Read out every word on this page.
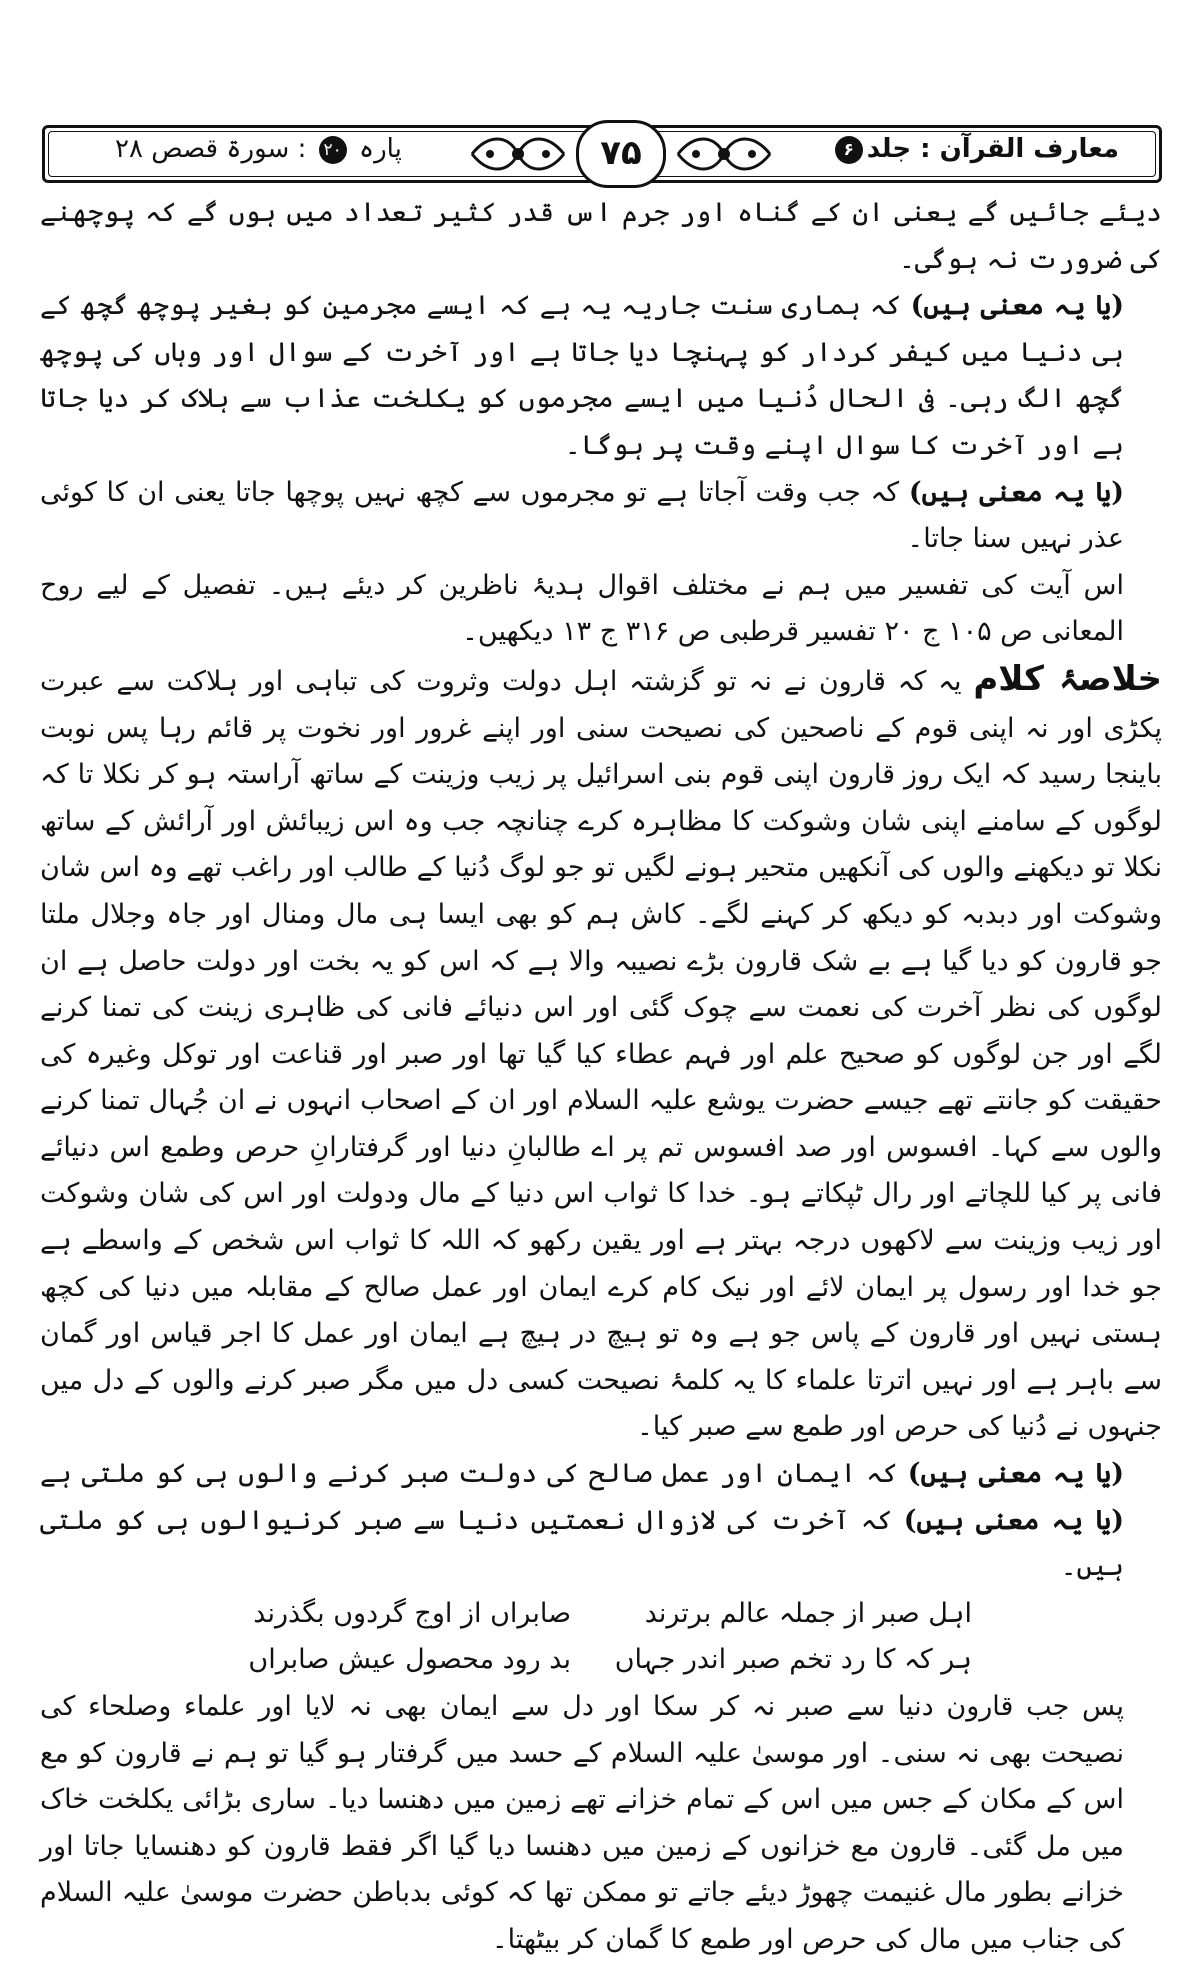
معارف القرآن : جلد۶
پارہ ۲۰ : سورۃ قصص ۲۸	۷۵

دیئے جائیں گے یعنی ان کے گناہ اور جرم اس قدر کثیر تعداد میں ہوں گے کہ پوچھنے کی ضرورت نہ ہوگی۔

(یا یہ معنی ہیں) کہ ہماری سنت جاریہ یہ ہے کہ ایسے مجرمین کو بغیر پوچھ گچھ کے ہی دنیا میں کیفر کردار کو پہنچا دیا جاتا ہے اور آخرت کے سوال اور وہاں کی پوچھ گچھ الگ رہی۔ فی الحال دُنیا میں ایسے مجرموں کو یکلخت عذاب سے ہلاک کر دیا جاتا ہے اور آخرت کا سوال اپنے وقت پر ہوگا۔

(یا یہ معنی ہیں) کہ جب وقت آجاتا ہے تو مجرموں سے کچھ نہیں پوچھا جاتا یعنی ان کا کوئی عذر نہیں سنا جاتا۔

اس آیت کی تفسیر میں ہم نے مختلف اقوال ہدیۂ ناظرین کر دیئے ہیں۔ تفصیل کے لیے روح المعانی ص ۱۰۵ ج ۲۰ تفسیر قرطبی ص ۳۱۶ ج ۱۳ دیکھیں۔

خلاصۂ کلام یہ کہ قارون نے نہ تو گزشتہ اہل دولت وثروت کی تباہی اور ہلاکت سے عبرت پکڑی اور نہ اپنی قوم کے ناصحین کی نصیحت سنی اور اپنے غرور اور نخوت پر قائم رہا پس نوبت باینجا رسید کہ ایک روز قارون اپنی قوم بنی اسرائیل پر زیب وزینت کے ساتھ آراستہ ہو کر نکلا تا کہ لوگوں کے سامنے اپنی شان وشوکت کا مظاہرہ کرے چنانچہ جب وہ اس زیبائش اور آرائش کے ساتھ نکلا تو دیکھنے والوں کی آنکھیں متحیر ہونے لگیں تو جو لوگ دُنیا کے طالب اور راغب تھے وہ اس شان وشوکت اور دبدبہ کو دیکھ کر کہنے لگے۔ کاش ہم کو بھی ایسا ہی مال ومنال اور جاہ وجلال ملتا جو قارون کو دیا گیا ہے بے شک قارون بڑے نصیبہ والا ہے کہ اس کو یہ بخت اور دولت حاصل ہے ان لوگوں کی نظر آخرت کی نعمت سے چوک گئی اور اس دنیائے فانی کی ظاہری زینت کی تمنا کرنے لگے اور جن لوگوں کو صحیح علم اور فہم عطاء کیا گیا تھا اور صبر اور قناعت اور توکل وغیرہ کی حقیقت کو جانتے تھے جیسے حضرت یوشع علیہ السلام اور ان کے اصحاب انہوں نے ان جُہال تمنا کرنے والوں سے کہا۔ افسوس اور صد افسوس تم پر اے طالبانِ دنیا اور گرفتارانِ حرص وطمع اس دنیائے فانی پر کیا للچاتے اور رال ٹپکاتے ہو۔ خدا کا ثواب اس دنیا کے مال ودولت اور اس کی شان وشوکت اور زیب وزینت سے لاکھوں درجہ بہتر ہے اور یقین رکھو کہ اللہ کا ثواب اس شخص کے واسطے ہے جو خدا اور رسول پر ایمان لائے اور نیک کام کرے ایمان اور عمل صالح کے مقابلہ میں دنیا کی کچھ ہستی نہیں اور قارون کے پاس جو ہے وہ تو ہیچ در ہیچ ہے ایمان اور عمل کا اجر قیاس اور گمان سے باہر ہے اور نہیں اترتا علماء کا یہ کلمۂ نصیحت کسی دل میں مگر صبر کرنے والوں کے دل میں جنہوں نے دُنیا کی حرص اور طمع سے صبر کیا۔

(یا یہ معنی ہیں) کہ ایمان اور عمل صالح کی دولت صبر کرنے والوں ہی کو ملتی ہے (یا یہ معنی ہیں) کہ آخرت کی لازوال نعمتیں دنیا سے صبر کرنیوالوں ہی کو ملتی ہیں۔

اہل صبر از جملہ عالم برترند
صابراں از اوج گردوں بگذرند
ہر کہ کا رد تخم صبر اندر جہاں
بد رود محصول عیش صابراں

پس جب قارون دنیا سے صبر نہ کر سکا اور دل سے ایمان بھی نہ لایا اور علماء وصلحاء کی نصیحت بھی نہ سنی۔ اور موسیٰ علیہ السلام کے حسد میں گرفتار ہو گیا تو ہم نے قارون کو مع اس کے مکان کے جس میں اس کے تمام خزانے تھے زمین میں دھنسا دیا۔ ساری بڑائی یکلخت خاک میں مل گئی۔ قارون مع خزانوں کے زمین میں دھنسا دیا گیا اگر فقط قارون کو دھنسایا جاتا اور خزانے بطور مال غنیمت چھوڑ دیئے جاتے تو ممکن تھا کہ کوئی بدباطن حضرت موسیٰ علیہ السلام کی جناب میں مال کی حرص اور طمع کا گمان کر بیٹھتا۔
